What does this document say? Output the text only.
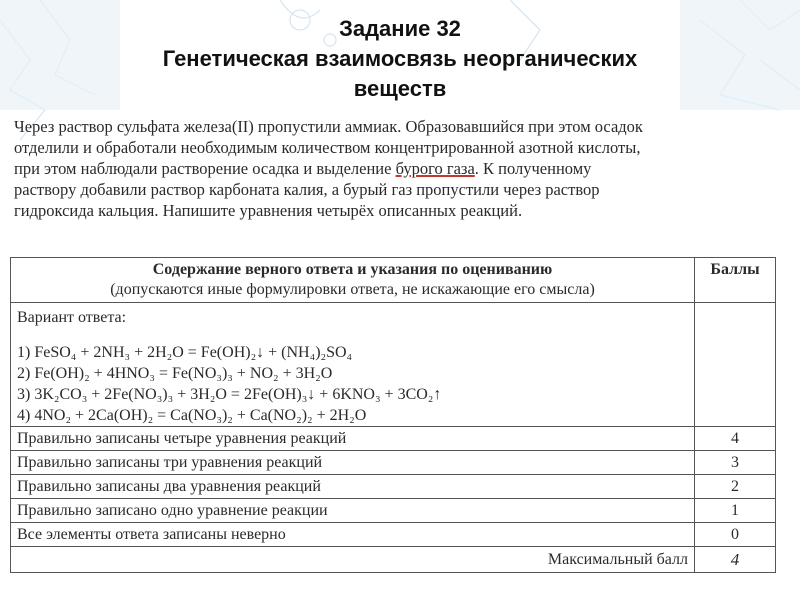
Задание 32
Генетическая взаимосвязь неорганических
веществ

Через раствор сульфата железа(II) пропустили аммиак. Образовавшийся при этом осадок

отделили и обработали необходимым количеством концентрированной азотной кислоты,

при этом наблюдали растворение осадка и выделение бурого газа. К полученному

раствору добавили раствор карбоната калия, а бурый газ пропустили через раствор

гидроксида кальция. Напишите уравнения четырёх описанных реакций.

Содержание верного ответа и указания по оцениванию
(допускаются иные формулировки ответа, не искажающие его смысла)	Баллы

Вариант ответа:
1) FeSO₄ + 2NH₃ + 2H₂O = Fe(OH)₂↓ + (NH₄)₂SO₄
2) Fe(OH)₂ + 4HNO₃ = Fe(NO₃)₃ + NO₂ + 3H₂O
3) 3K₂CO₃ + 2Fe(NO₃)₃ + 3H₂O = 2Fe(OH)₃↓ + 6KNO₃ + 3CO₂↑
4) 4NO₂ + 2Ca(OH)₂ = Ca(NO₃)₂ + Ca(NO₂)₂ + 2H₂O	

Правильно записаны четыре уравнения реакций	4
Правильно записаны три уравнения реакций	3
Правильно записаны два уравнения реакций	2
Правильно записано одно уравнение реакции	1
Все элементы ответа записаны неверно	0
Максимальный балл	4
